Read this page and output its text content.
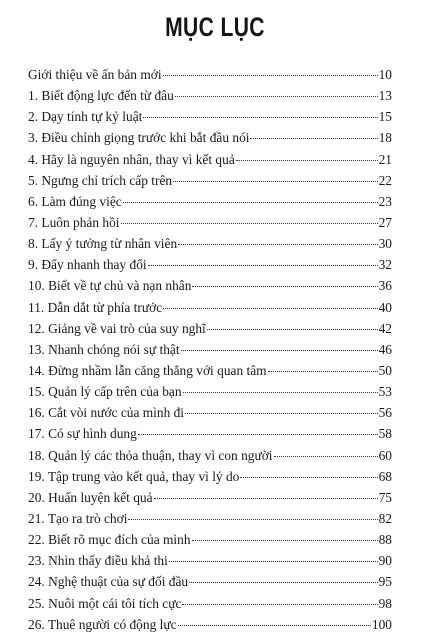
MỤC LỤC
Giới thiệu về ấn bản mới	10
1. Biết động lực đến từ đâu	13
2. Dạy tính tự kỷ luật	15
3. Điều chỉnh giọng trước khi bắt đầu nói	18
4. Hãy là nguyên nhân, thay vì kết quả	21
5. Ngưng chỉ trích cấp trên	22
6. Làm đúng việc	23
7. Luôn phản hồi	27
8. Lấy ý tưởng từ nhân viên	30
9. Đẩy nhanh thay đổi	32
10. Biết về tự chủ và nạn nhân	36
11. Dẫn dắt từ phía trước	40
12. Giảng về vai trò của suy nghĩ	42
13. Nhanh chóng nói sự thật	46
14. Đừng nhầm lẫn căng thẳng với quan tâm	50
15. Quản lý cấp trên của bạn	53
16. Cắt vòi nước của mình đi	56
17. Có sự hình dung	58
18. Quản lý các thỏa thuận, thay vì con người	60
19. Tập trung vào kết quả, thay vì lý do	68
20. Huấn luyện kết quả	75
21. Tạo ra trò chơi	82
22. Biết rõ mục đích của mình	88
23. Nhìn thấy điều khả thi	90
24. Nghệ thuật của sự đối đầu	95
25. Nuôi một cái tôi tích cực	98
26. Thuê người có động lực	100
